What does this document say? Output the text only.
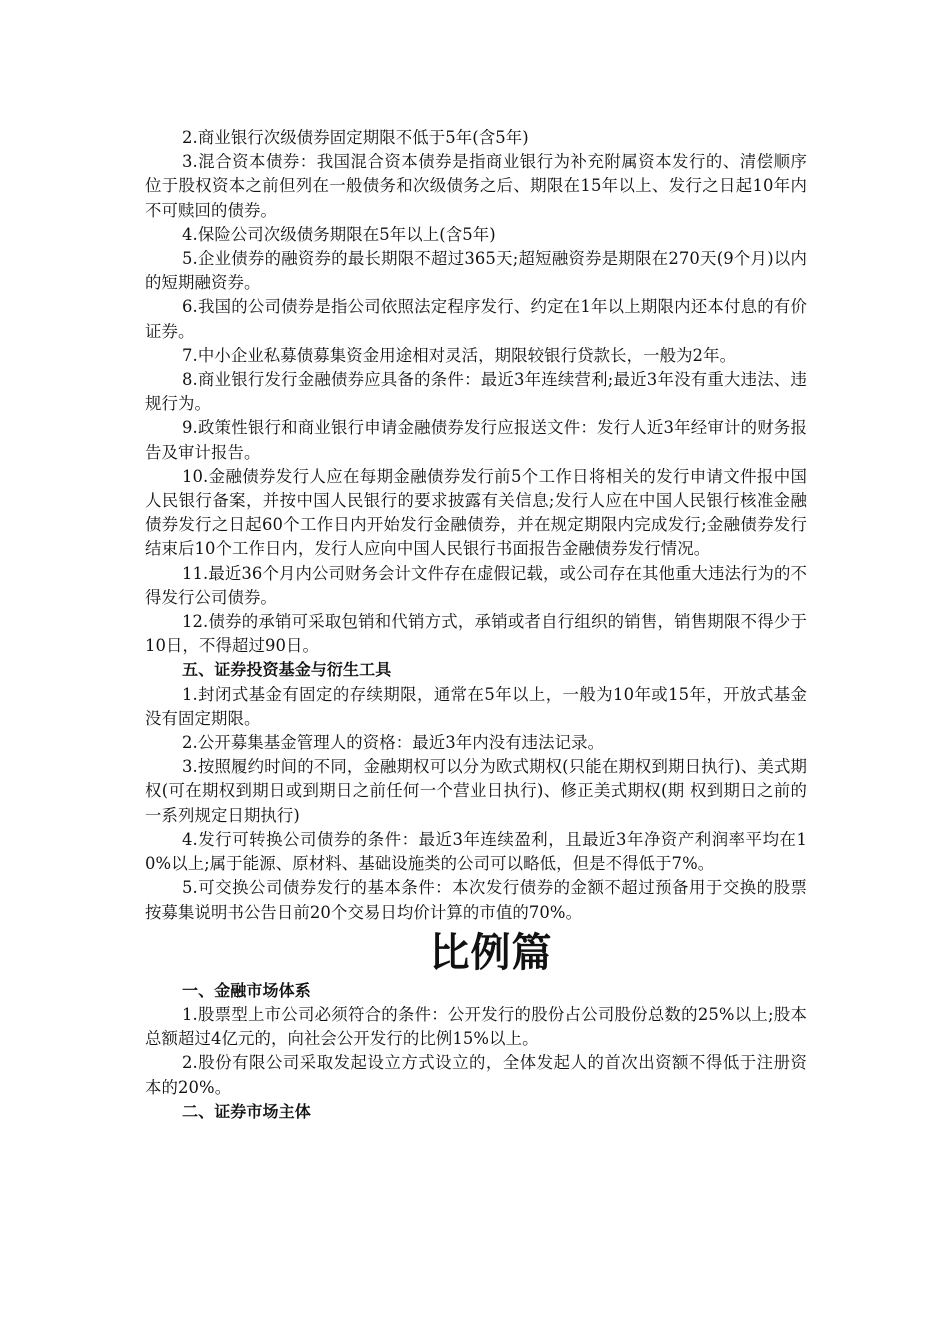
2.商业银行次级债券固定期限不低于5年(含5年)

3.混合资本债券：我国混合资本债券是指商业银行为补充附属资本发行的、清偿顺序位于股权资本之前但列在一般债务和次级债务之后、期限在15年以上、发行之日起10年内不可赎回的债券。

4.保险公司次级债务期限在5年以上(含5年)

5.企业债券的融资券的最长期限不超过365天;超短融资券是期限在270天(9个月)以内的短期融资券。

6.我国的公司债券是指公司依照法定程序发行、约定在1年以上期限内还本付息的有价证券。

7.中小企业私募债募集资金用途相对灵活，期限较银行贷款长，一般为2年。

8.商业银行发行金融债券应具备的条件：最近3年连续营利;最近3年没有重大违法、违规行为。

9.政策性银行和商业银行申请金融债券发行应报送文件：发行人近3年经审计的财务报告及审计报告。

10.金融债券发行人应在每期金融债券发行前5个工作日将相关的发行申请文件报中国人民银行备案，并按中国人民银行的要求披露有关信息;发行人应在中国人民银行核准金融债券发行之日起60个工作日内开始发行金融债券，并在规定期限内完成发行;金融债券发行结束后10个工作日内，发行人应向中国人民银行书面报告金融债券发行情况。

11.最近36个月内公司财务会计文件存在虚假记载，或公司存在其他重大违法行为的不得发行公司债券。

12.债券的承销可采取包销和代销方式，承销或者自行组织的销售，销售期限不得少于10日，不得超过90日。

五、证券投资基金与衍生工具

1.封闭式基金有固定的存续期限，通常在5年以上，一般为10年或15年，开放式基金没有固定期限。

2.公开募集基金管理人的资格：最近3年内没有违法记录。

3.按照履约时间的不同，金融期权可以分为欧式期权(只能在期权到期日执行)、美式期权(可在期权到期日或到期日之前任何一个营业日执行)、修正美式期权(期 权到期日之前的一系列规定日期执行)

4.发行可转换公司债券的条件：最近3年连续盈利，且最近3年净资产利润率平均在10%以上;属于能源、原材料、基础设施类的公司可以略低，但是不得低于7%。

5.可交换公司债券发行的基本条件：本次发行债券的金额不超过预备用于交换的股票按募集说明书公告日前20个交易日均价计算的市值的70%。

比例篇

一、金融市场体系

1.股票型上市公司必须符合的条件：公开发行的股份占公司股份总数的25%以上;股本总额超过4亿元的，向社会公开发行的比例15%以上。

2.股份有限公司采取发起设立方式设立的，全体发起人的首次出资额不得低于注册资本的20%。

二、证券市场主体
